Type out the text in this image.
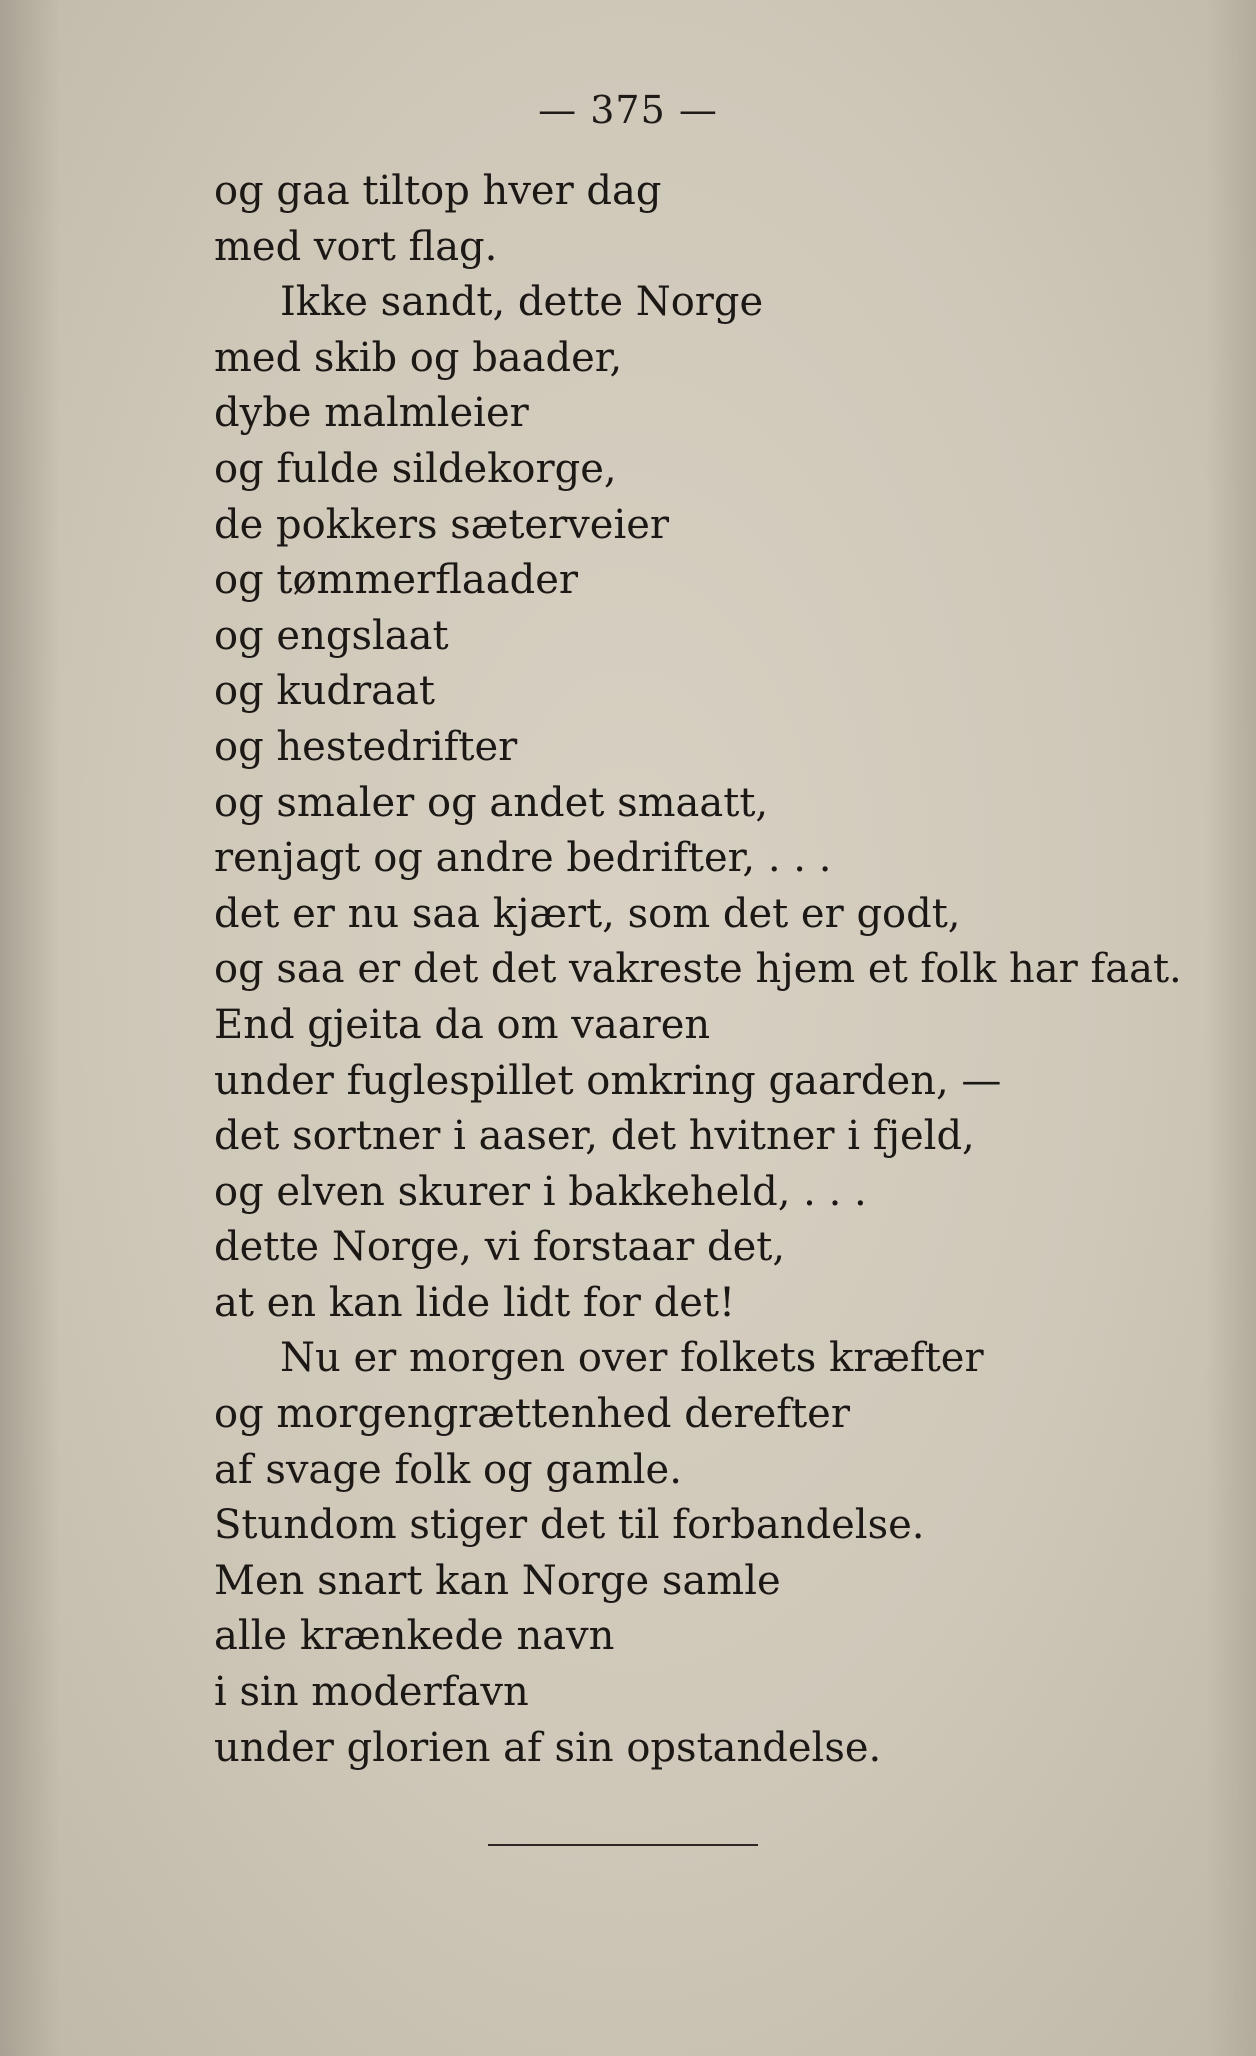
— 375 —
og gaa tiltop hver dag
med vort flag.
Ikke sandt, dette Norge
med skib og baader,
dybe malmleier
og fulde sildekorge,
de pokkers sæterveier
og tømmerflaader
og engslaat
og kudraat
og hestedrifter
og smaler og andet smaatt,
renjagt og andre bedrifter, . . .
det er nu saa kjært, som det er godt,
og saa er det det vakreste hjem et folk har faat.
End gjeita da om vaaren
under fuglespillet omkring gaarden, —
det sortner i aaser, det hvitner i fjeld,
og elven skurer i bakkeheld, . . .
dette Norge, vi forstaar det,
at en kan lide lidt for det!
Nu er morgen over folkets kræfter
og morgengrættenhed derefter
af svage folk og gamle.
Stundom stiger det til forbandelse.
Men snart kan Norge samle
alle krænkede navn
i sin moderfavn
under glorien af sin opstandelse.
